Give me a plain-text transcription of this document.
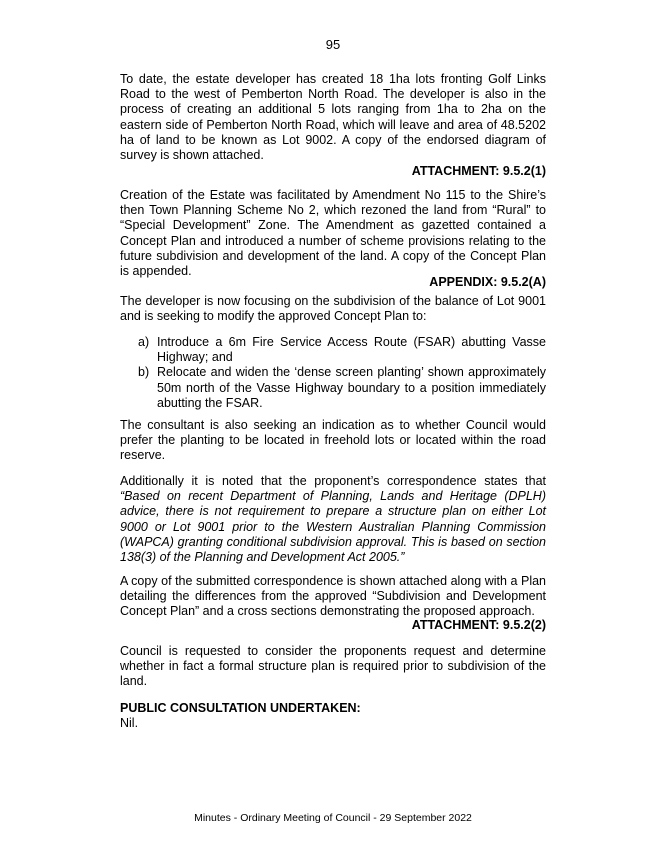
95

To date, the estate developer has created 18 1ha lots fronting Golf Links Road to the west of Pemberton North Road. The developer is also in the process of creating an additional 5 lots ranging from 1ha to 2ha on the eastern side of Pemberton North Road, which will leave and area of 48.5202 ha of land to be known as Lot 9002. A copy of the endorsed diagram of survey is shown attached.

ATTACHMENT: 9.5.2(1)

Creation of the Estate was facilitated by Amendment No 115 to the Shire’s then Town Planning Scheme No 2, which rezoned the land from “Rural” to “Special Development” Zone. The Amendment as gazetted contained a Concept Plan and introduced a number of scheme provisions relating to the future subdivision and development of the land. A copy of the Concept Plan is appended.

APPENDIX: 9.5.2(A)

The developer is now focusing on the subdivision of the balance of Lot 9001 and is seeking to modify the approved Concept Plan to:

a) Introduce a 6m Fire Service Access Route (FSAR) abutting Vasse Highway; and
b) Relocate and widen the ‘dense screen planting’ shown approximately 50m north of the Vasse Highway boundary to a position immediately abutting the FSAR.

The consultant is also seeking an indication as to whether Council would prefer the planting to be located in freehold lots or located within the road reserve.

Additionally it is noted that the proponent’s correspondence states that “Based on recent Department of Planning, Lands and Heritage (DPLH) advice, there is not requirement to prepare a structure plan on either Lot 9000 or Lot 9001 prior to the Western Australian Planning Commission (WAPCA) granting conditional subdivision approval. This is based on section 138(3) of the Planning and Development Act 2005.”

A copy of the submitted correspondence is shown attached along with a Plan detailing the differences from the approved “Subdivision and Development Concept Plan” and a cross sections demonstrating the proposed approach.

ATTACHMENT: 9.5.2(2)

Council is requested to consider the proponents request and determine whether in fact a formal structure plan is required prior to subdivision of the land.

PUBLIC CONSULTATION UNDERTAKEN:

Nil.

Minutes - Ordinary Meeting of Council - 29 September 2022
